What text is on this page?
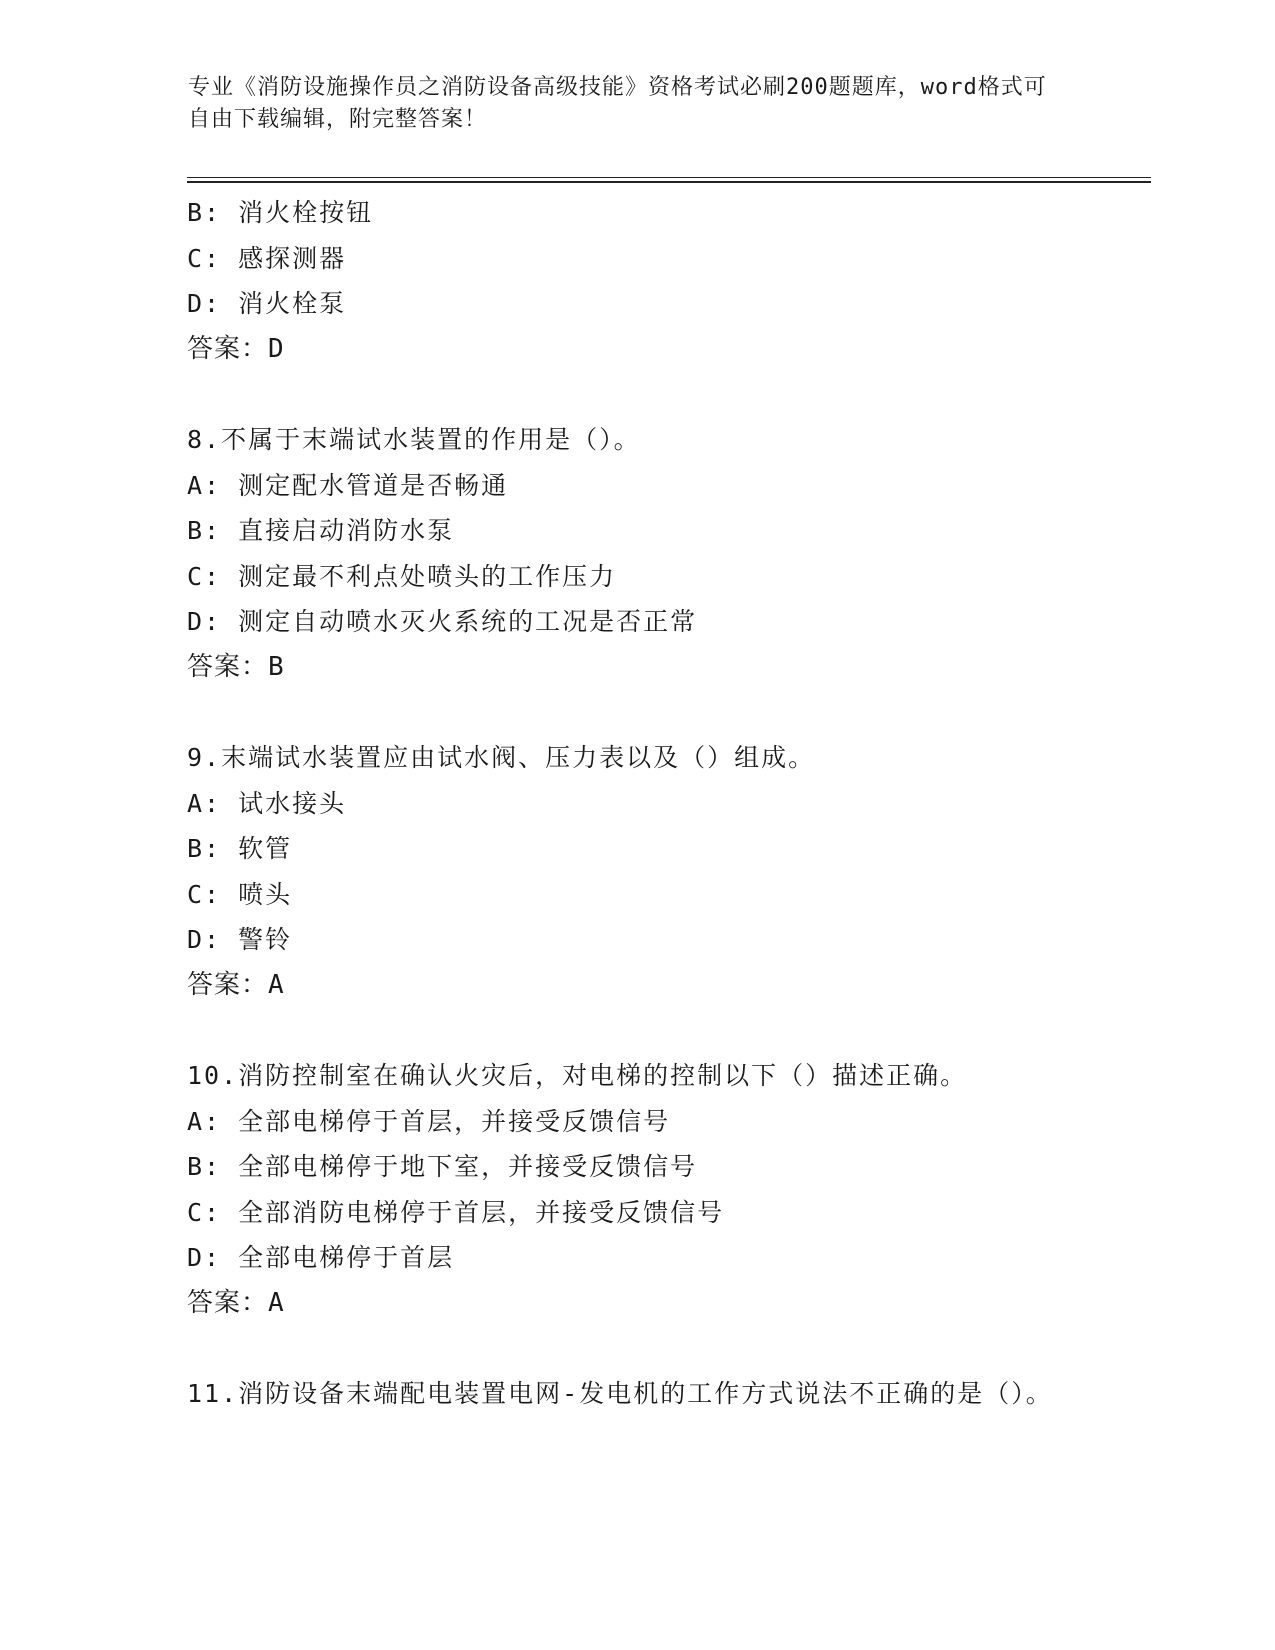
专业《消防设施操作员之消防设备高级技能》资格考试必刷200题题库，word格式可自由下载编辑，附完整答案！
B: 消火栓按钮
C: 感探测器
D: 消火栓泵
答案：D
8.不属于末端试水装置的作用是（）。
A: 测定配水管道是否畅通
B: 直接启动消防水泵
C: 测定最不利点处喷头的工作压力
D: 测定自动喷水灭火系统的工况是否正常
答案：B
9.末端试水装置应由试水阀、压力表以及（）组成。
A: 试水接头
B: 软管
C: 喷头
D: 警铃
答案：A
10.消防控制室在确认火灾后，对电梯的控制以下（）描述正确。
A: 全部电梯停于首层，并接受反馈信号
B: 全部电梯停于地下室，并接受反馈信号
C: 全部消防电梯停于首层，并接受反馈信号
D: 全部电梯停于首层
答案：A
11.消防设备末端配电装置电网-发电机的工作方式说法不正确的是（）。
